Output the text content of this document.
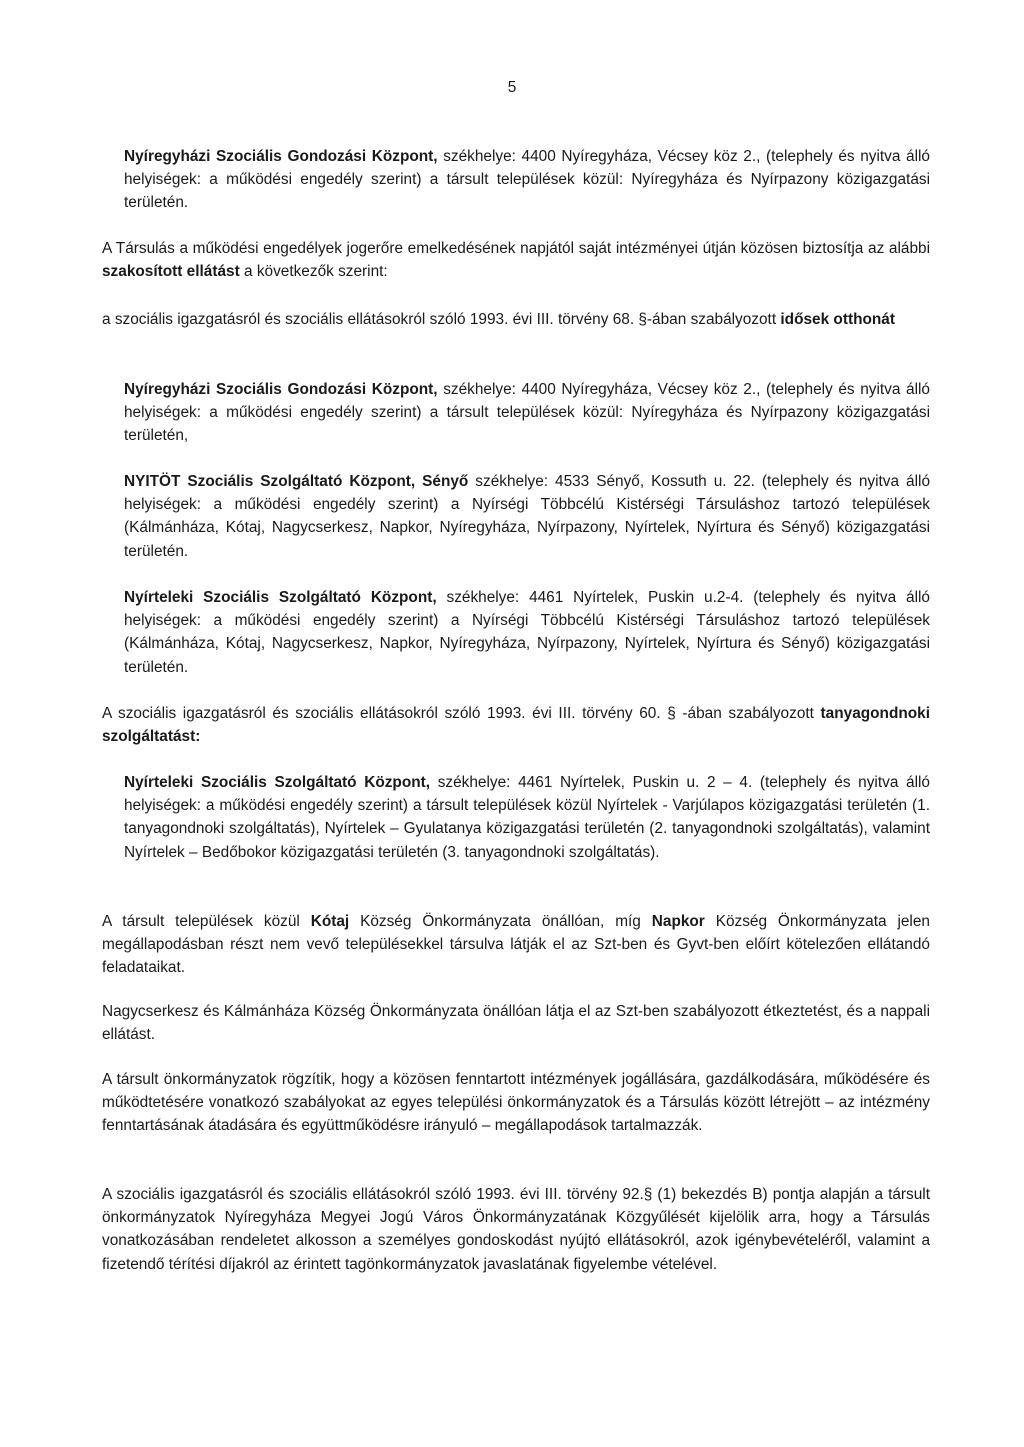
5

Nyíregyházi Szociális Gondozási Központ, székhelye: 4400 Nyíregyháza, Vécsey köz 2., (telephely és nyitva álló helyiségek: a működési engedély szerint) a társult települések közül: Nyíregyháza és Nyírpazony közigazgatási területén.

A Társulás a működési engedélyek jogerőre emelkedésének napjától saját intézményei útján közösen biztosítja az alábbi szakosított ellátást a következők szerint:

a szociális igazgatásról és szociális ellátásokról szóló 1993. évi III. törvény 68. §-ában szabályozott idősek otthonát

Nyíregyházi Szociális Gondozási Központ, székhelye: 4400 Nyíregyháza, Vécsey köz 2., (telephely és nyitva álló helyiségek: a működési engedély szerint) a társult települések közül: Nyíregyháza és Nyírpazony közigazgatási területén,

NYITÖT Szociális Szolgáltató Központ, Sényő székhelye: 4533 Sényő, Kossuth u. 22. (telephely és nyitva álló helyiségek: a működési engedély szerint) a Nyírségi Többcélú Kistérségi Társuláshoz tartozó települések (Kálmánháza, Kótaj, Nagycserkesz, Napkor, Nyíregyháza, Nyírpazony, Nyírtelek, Nyírtura és Sényő) közigazgatási területén.

Nyírteleki Szociális Szolgáltató Központ, székhelye: 4461 Nyírtelek, Puskin u.2-4. (telephely és nyitva álló helyiségek: a működési engedély szerint) a Nyírségi Többcélú Kistérségi Társuláshoz tartozó települések (Kálmánháza, Kótaj, Nagycserkesz, Napkor, Nyíregyháza, Nyírpazony, Nyírtelek, Nyírtura és Sényő) közigazgatási területén.

A szociális igazgatásról és szociális ellátásokról szóló 1993. évi III. törvény 60. § -ában szabályozott tanyagondnoki szolgáltatást:

Nyírteleki Szociális Szolgáltató Központ, székhelye: 4461 Nyírtelek, Puskin u. 2 – 4. (telephely és nyitva álló helyiségek: a működési engedély szerint) a társult települések közül Nyírtelek - Varjúlapos közigazgatási területén (1. tanyagondnoki szolgáltatás), Nyírtelek – Gyulatanya közigazgatási területén (2. tanyagondnoki szolgáltatás), valamint Nyírtelek – Bedőbokor közigazgatási területén (3. tanyagondnoki szolgáltatás).

A társult települések közül Kótaj Község Önkormányzata önállóan, míg Napkor Község Önkormányzata jelen megállapodásban részt nem vevő településekkel társulva látják el az Szt-ben és Gyvt-ben előírt kötelezően ellátandó feladataikat.

Nagycserkesz és Kálmánháza Község Önkormányzata önállóan látja el az Szt-ben szabályozott étkeztetést, és a nappali ellátást.

A társult önkormányzatok rögzítik, hogy a közösen fenntartott intézmények jogállására, gazdálkodására, működésére és működtetésére vonatkozó szabályokat az egyes települési önkormányzatok és a Társulás között létrejött – az intézmény fenntartásának átadására és együttműködésre irányuló – megállapodások tartalmazzák.

A szociális igazgatásról és szociális ellátásokról szóló 1993. évi III. törvény 92.§ (1) bekezdés B) pontja alapján a társult önkormányzatok Nyíregyháza Megyei Jogú Város Önkormányzatának Közgyűlését kijelölik arra, hogy a Társulás vonatkozásában rendeletet alkosson a személyes gondoskodást nyújtó ellátásokról, azok igénybevételéről, valamint a fizetendő térítési díjakról az érintett tagönkormányzatok javaslatának figyelembe vételével.
